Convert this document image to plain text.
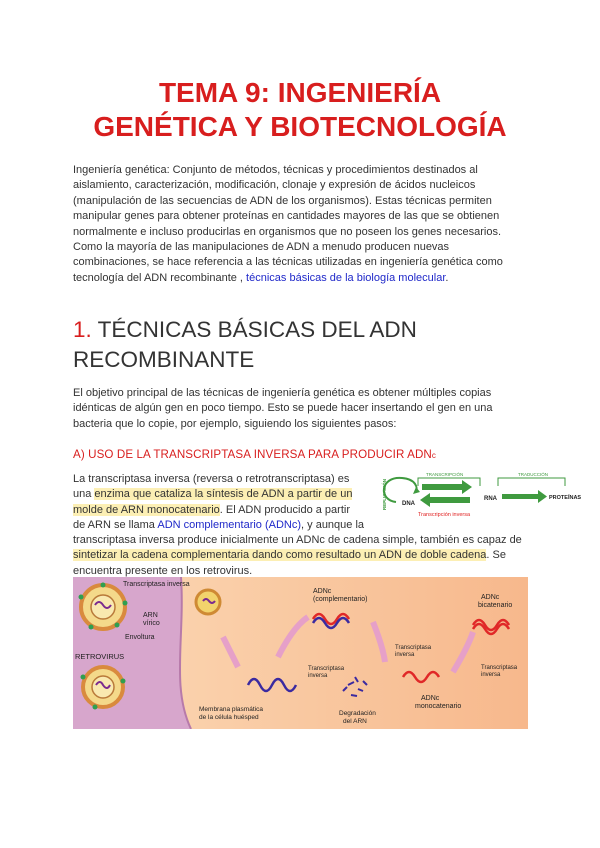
TEMA 9: INGENIERÍA
GENÉTICA Y BIOTECNOLOGÍA
Ingeniería genética: Conjunto de métodos, técnicas y procedimientos destinados al
aislamiento, caracterización, modificación, clonaje y expresión de ácidos nucleicos
(manipulación de las secuencias de ADN de los organismos). Estas técnicas permiten
manipular genes para obtener proteínas en cantidades mayores de las que se obtienen
normalmente e incluso producirlas en organismos que no poseen los genes necesarios.
Como la mayoría de las manipulaciones de ADN a menudo producen nuevas
combinaciones, se hace referencia a las técnicas utilizadas en ingeniería genética como
tecnología del ADN recombinante , técnicas básicas de la biología molecular.
1. TÉCNICAS BÁSICAS DEL ADN
RECOMBINANTE
El objetivo principal de las técnicas de ingeniería genética es obtener múltiples copias
idénticas de algún gen en poco tiempo. Esto se puede hacer insertando el gen en una
bacteria que lo copie, por ejemplo, siguiendo los siguientes pasos:
A) USO DE LA TRANSCRIPTASA INVERSA PARA PRODUCIR ADNc
La transcriptasa inversa (reversa o retrotranscriptasa) es
una enzima que cataliza la síntesis de ADN a partir de un
molde de ARN monocatenario. El ADN producido a partir
de ARN se llama ADN complementario (ADNc), y aunque la
transcriptasa inversa produce inicialmente un ADNc de cadena simple, también es capaz de
sintetizar la cadena complementaria dando como resultado un ADN de doble cadena. Se
encuentra presente en los retrovirus.
REPLICACIÓN	DNA
TRANSCRIPCIÓN
Transcripción inversa
RNA
TRADUCCIÓN
PROTEÍNAS
Transcriptasa inversa
ARN
vírico
Envoltura
RETROVIRUS
ADNc
(complementario)
Transcriptasa
inversa
Degradación
del ARN
Transcriptasa
inversa
ADNc
monocatenario
ADNc
bicatenario
Transcriptasa
inversa
Membrana plasmática
de la célula huésped
